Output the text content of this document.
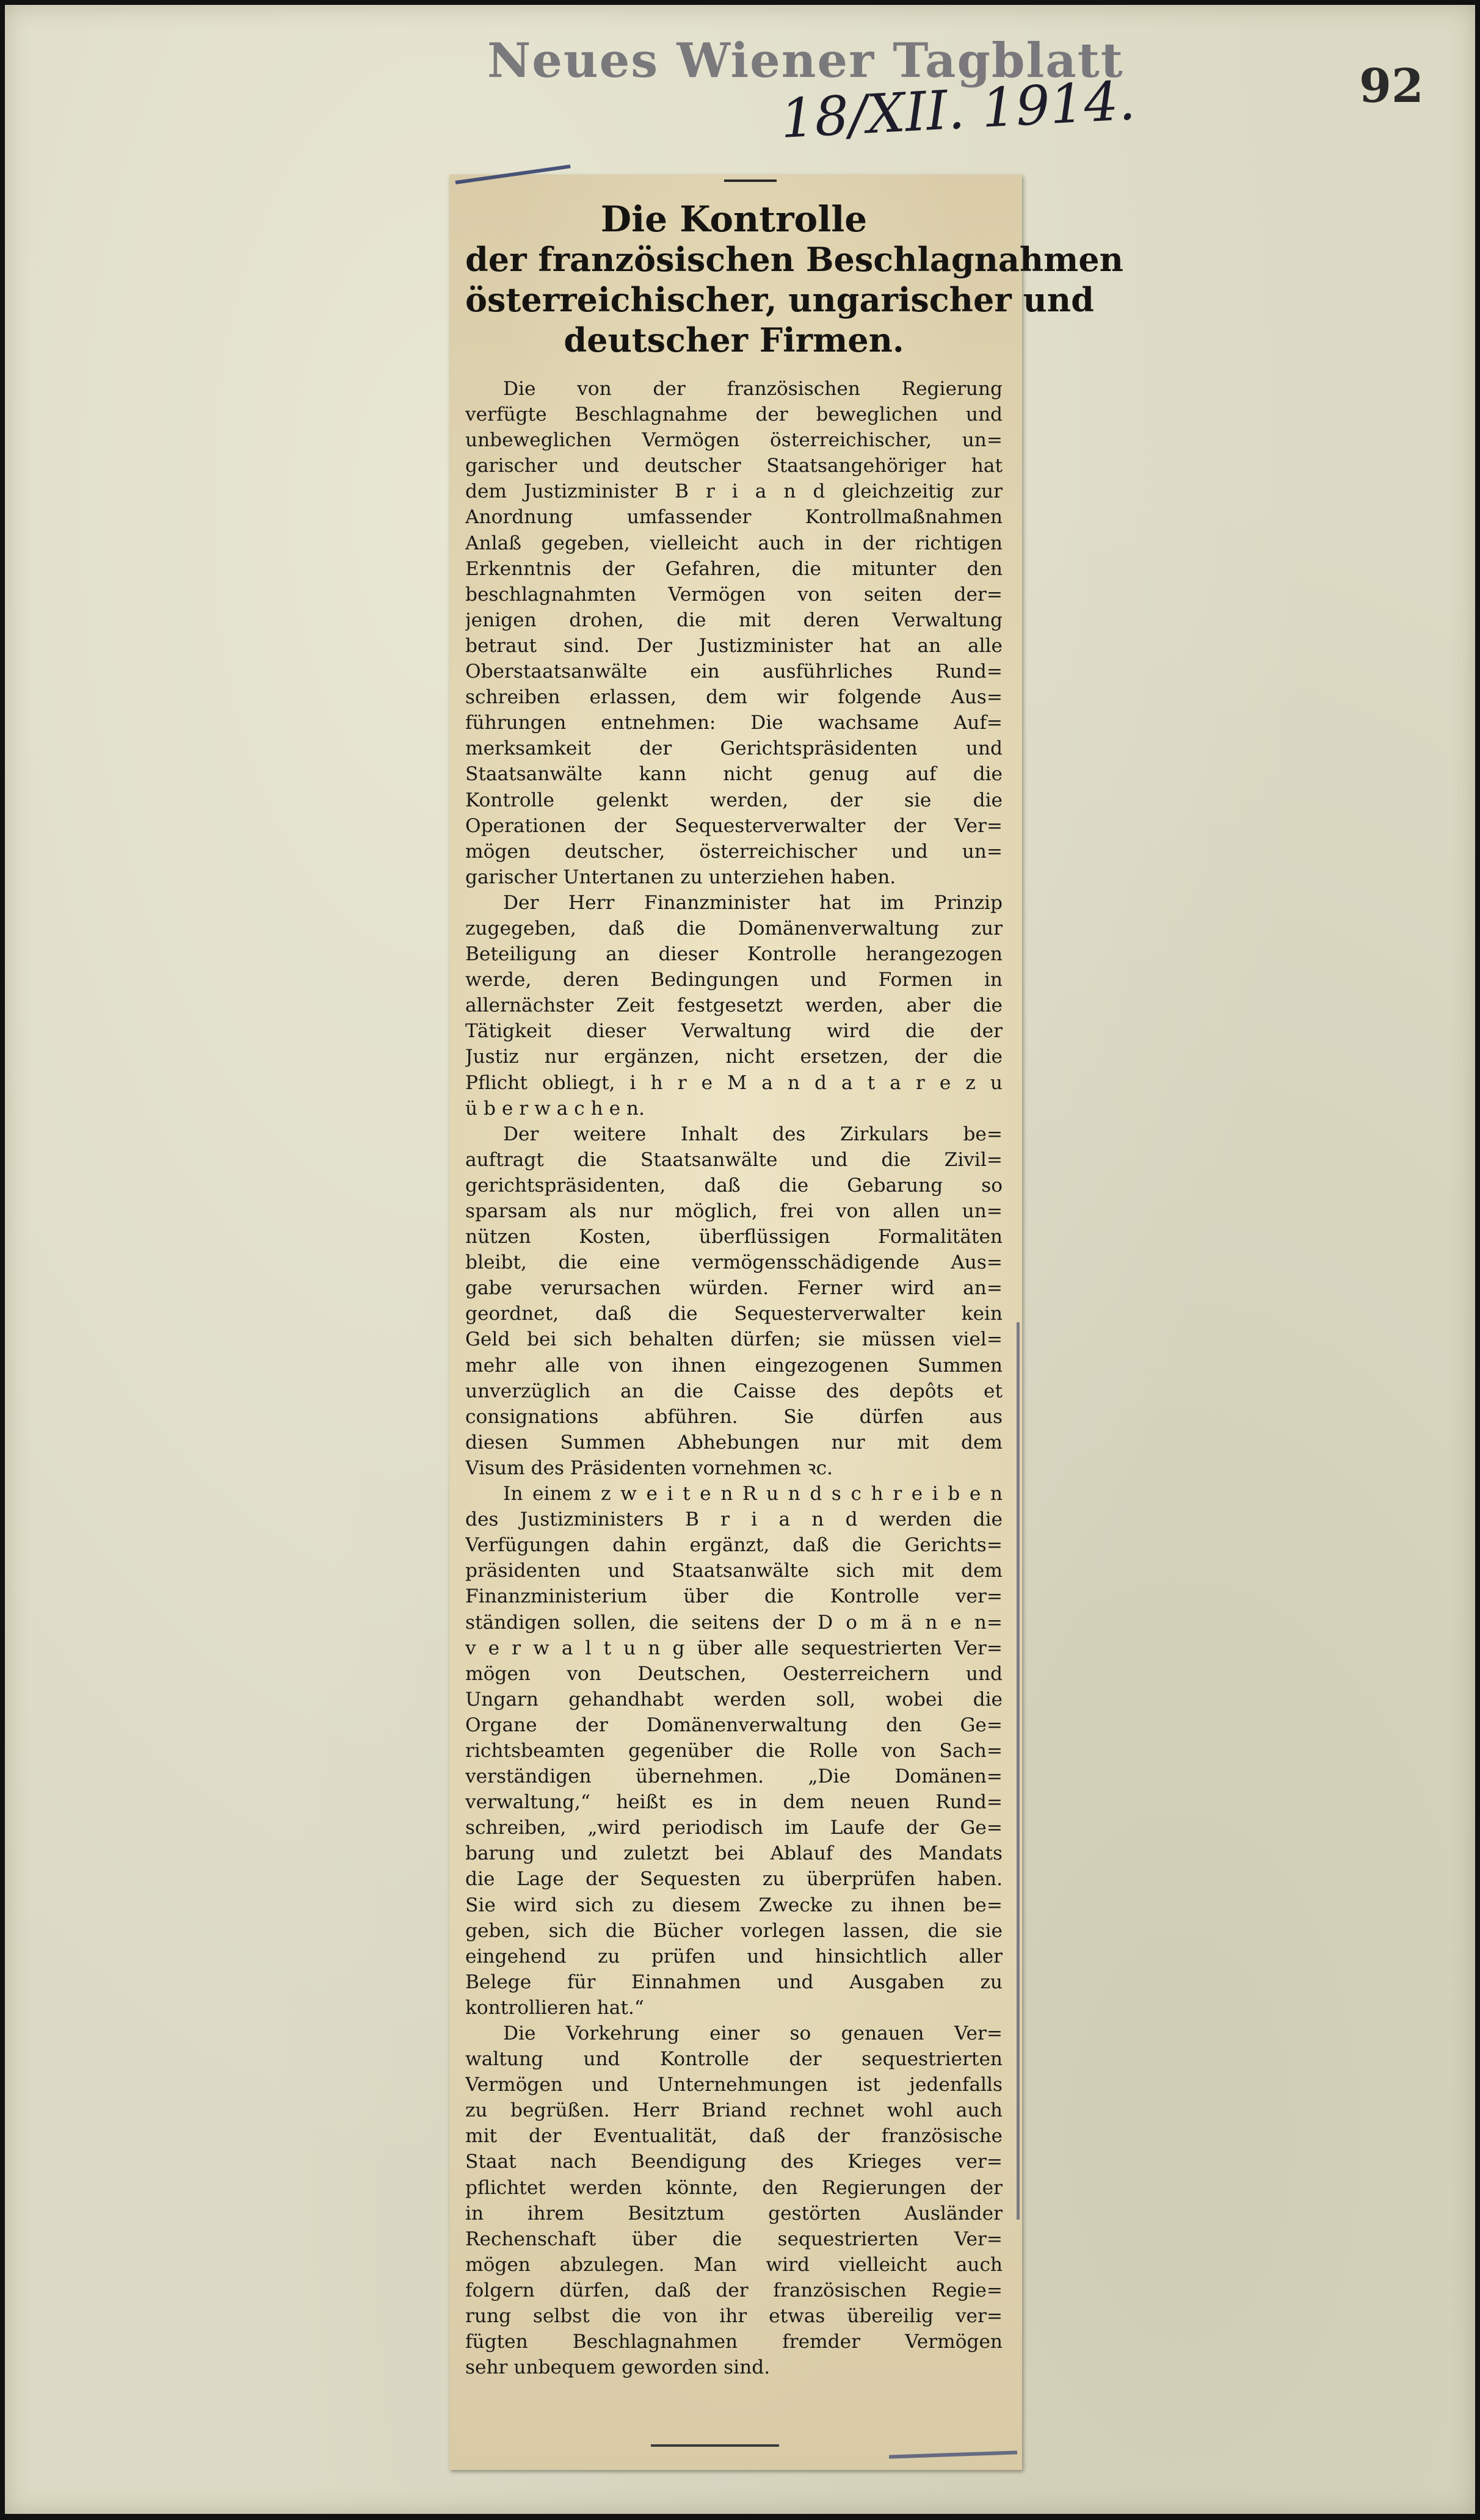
Neues Wiener Tagblatt
18/XII. 1914.	92
Die Kontrolle
der französischen Beschlagnahmen
österreichischer, ungarischer und
deutscher Firmen.
Die von der französischen Regierung
verfügte Beschlagnahme der beweglichen und
unbeweglichen Vermögen österreichischer, un=
garischer und deutscher Staatsangehöriger hat
dem Justizminister B r i a n d gleichzeitig zur
Anordnung umfassender Kontrollmaßnahmen
Anlaß gegeben, vielleicht auch in der richtigen
Erkenntnis der Gefahren, die mitunter den
beschlagnahmten Vermögen von seiten der=
jenigen drohen, die mit deren Verwaltung
betraut sind. Der Justizminister hat an alle
Oberstaatsanwälte ein ausführliches Rund=
schreiben erlassen, dem wir folgende Aus=
führungen entnehmen: Die wachsame Auf=
merksamkeit der Gerichtspräsidenten und
Staatsanwälte kann nicht genug auf die
Kontrolle gelenkt werden, der sie die
Operationen der Sequesterverwalter der Ver=
mögen deutscher, österreichischer und un=
garischer Untertanen zu unterziehen haben.
Der Herr Finanzminister hat im Prinzip
zugegeben, daß die Domänenverwaltung zur
Beteiligung an dieser Kontrolle herangezogen
werde, deren Bedingungen und Formen in
allernächster Zeit festgesetzt werden, aber die
Tätigkeit dieser Verwaltung wird die der
Justiz nur ergänzen, nicht ersetzen, der die
Pflicht obliegt, i h r e M a n d a t a r e z u
ü b e r w a c h e n.
Der weitere Inhalt des Zirkulars be=
auftragt die Staatsanwälte und die Zivil=
gerichtspräsidenten, daß die Gebarung so
sparsam als nur möglich, frei von allen un=
nützen Kosten, überflüssigen Formalitäten
bleibt, die eine vermögensschädigende Aus=
gabe verursachen würden. Ferner wird an=
geordnet, daß die Sequesterverwalter kein
Geld bei sich behalten dürfen; sie müssen viel=
mehr alle von ihnen eingezogenen Summen
unverzüglich an die Caisse des depôts et
consignations abführen. Sie dürfen aus
diesen Summen Abhebungen nur mit dem
Visum des Präsidenten vornehmen ꝛc.
In einem z w e i t e n R u n d s c h r e i b e n
des Justizministers B r i a n d werden die
Verfügungen dahin ergänzt, daß die Gerichts=
präsidenten und Staatsanwälte sich mit dem
Finanzministerium über die Kontrolle ver=
ständigen sollen, die seitens der D o m ä n e n=
v e r w a l t u n g über alle sequestrierten Ver=
mögen von Deutschen, Oesterreichern und
Ungarn gehandhabt werden soll, wobei die
Organe der Domänenverwaltung den Ge=
richtsbeamten gegenüber die Rolle von Sach=
verständigen übernehmen. „Die Domänen=
verwaltung,“ heißt es in dem neuen Rund=
schreiben, „wird periodisch im Laufe der Ge=
barung und zuletzt bei Ablauf des Mandats
die Lage der Sequesten zu überprüfen haben.
Sie wird sich zu diesem Zwecke zu ihnen be=
geben, sich die Bücher vorlegen lassen, die sie
eingehend zu prüfen und hinsichtlich aller
Belege für Einnahmen und Ausgaben zu
kontrollieren hat.“
Die Vorkehrung einer so genauen Ver=
waltung und Kontrolle der sequestrierten
Vermögen und Unternehmungen ist jedenfalls
zu begrüßen. Herr Briand rechnet wohl auch
mit der Eventualität, daß der französische
Staat nach Beendigung des Krieges ver=
pflichtet werden könnte, den Regierungen der
in ihrem Besitztum gestörten Ausländer
Rechenschaft über die sequestrierten Ver=
mögen abzulegen. Man wird vielleicht auch
folgern dürfen, daß der französischen Regie=
rung selbst die von ihr etwas übereilig ver=
fügten Beschlagnahmen fremder Vermögen
sehr unbequem geworden sind.
